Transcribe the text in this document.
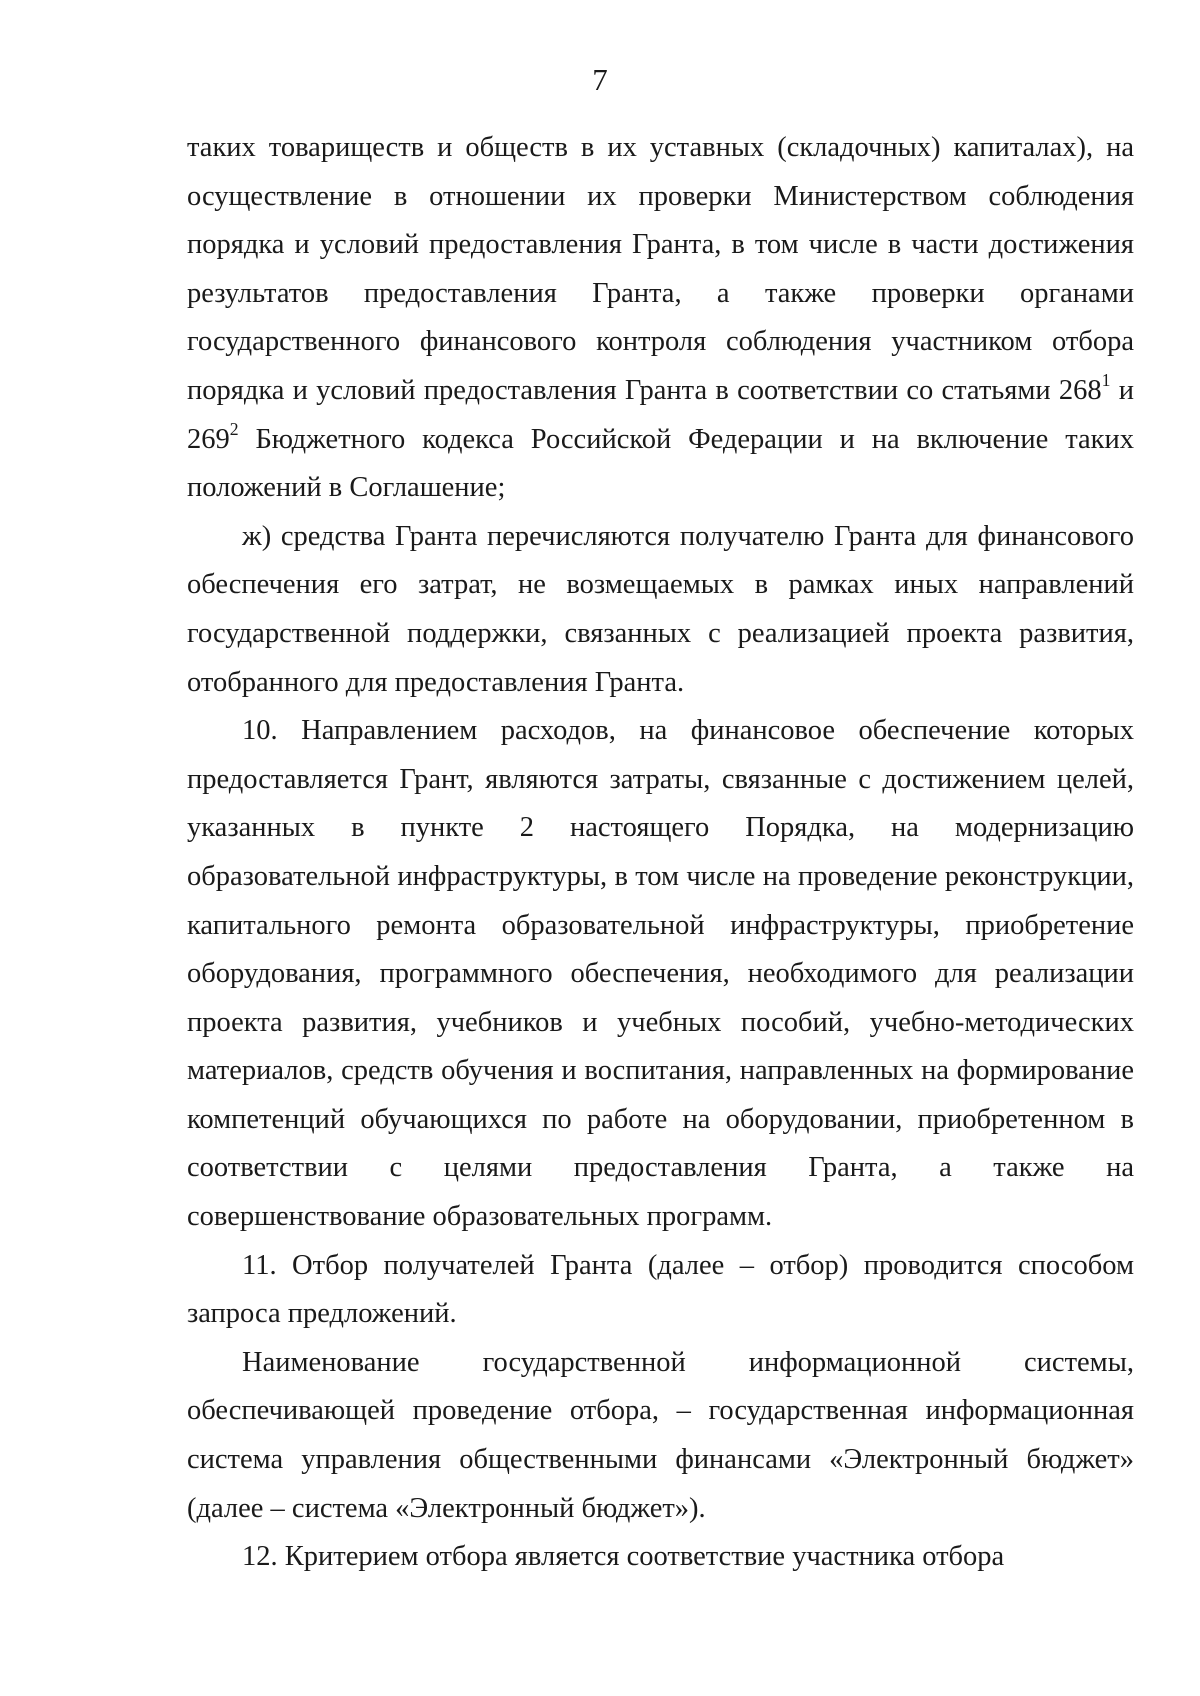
7

таких товариществ и обществ в их уставных (складочных) капиталах), на осуществление в отношении их проверки Министерством соблюдения порядка и условий предоставления Гранта, в том числе в части достижения результатов предоставления Гранта, а также проверки органами государственного финансового контроля соблюдения участником отбора порядка и условий предоставления Гранта в соответствии со статьями $268^1$ и $269^2$ Бюджетного кодекса Российской Федерации и на включение таких положений в Соглашение;

ж) средства Гранта перечисляются получателю Гранта для финансового обеспечения его затрат, не возмещаемых в рамках иных направлений государственной поддержки, связанных с реализацией проекта развития, отобранного для предоставления Гранта.

10. Направлением расходов, на финансовое обеспечение которых предоставляется Грант, являются затраты, связанные с достижением целей, указанных в пункте 2 настоящего Порядка, на модернизацию образовательной инфраструктуры, в том числе на проведение реконструкции, капитального ремонта образовательной инфраструктуры, приобретение оборудования, программного обеспечения, необходимого для реализации проекта развития, учебников и учебных пособий, учебно-методических материалов, средств обучения и воспитания, направленных на формирование компетенций обучающихся по работе на оборудовании, приобретенном в соответствии с целями предоставления Гранта, а также на совершенствование образовательных программ.

11. Отбор получателей Гранта (далее – отбор) проводится способом запроса предложений.

Наименование государственной информационной системы, обеспечивающей проведение отбора, – государственная информационная система управления общественными финансами «Электронный бюджет» (далее – система «Электронный бюджет»).

12. Критерием отбора является соответствие участника отбора
